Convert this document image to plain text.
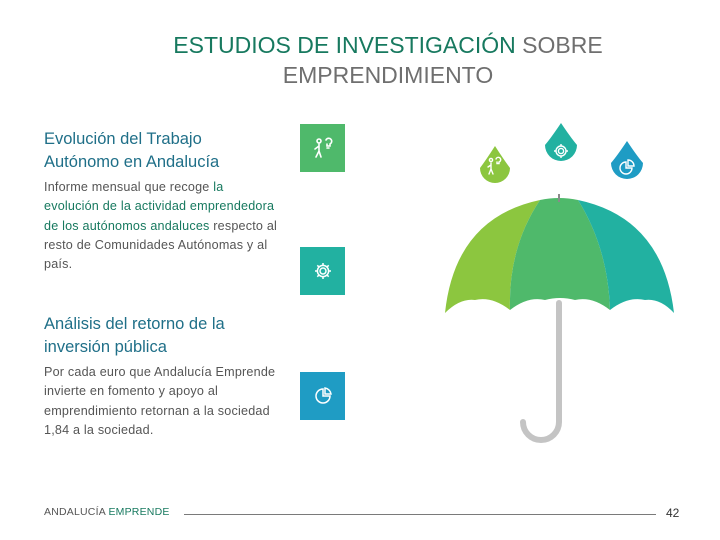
ESTUDIOS DE INVESTIGACIÓN SOBRE
EMPRENDIMIENTO
Evolución del Trabajo
Autónomo en Andalucía

Informe mensual que recoge la evolución de la actividad emprendedora de los autónomos andaluces respecto al resto de Comunidades Autónomas y al país.

Análisis del retorno de la
inversión pública

Por cada euro que Andalucía Emprende invierte en fomento y apoyo al emprendimiento retornan a la sociedad 1,84 a la sociedad.

ANDALUCÍA EMPRENDE	42
